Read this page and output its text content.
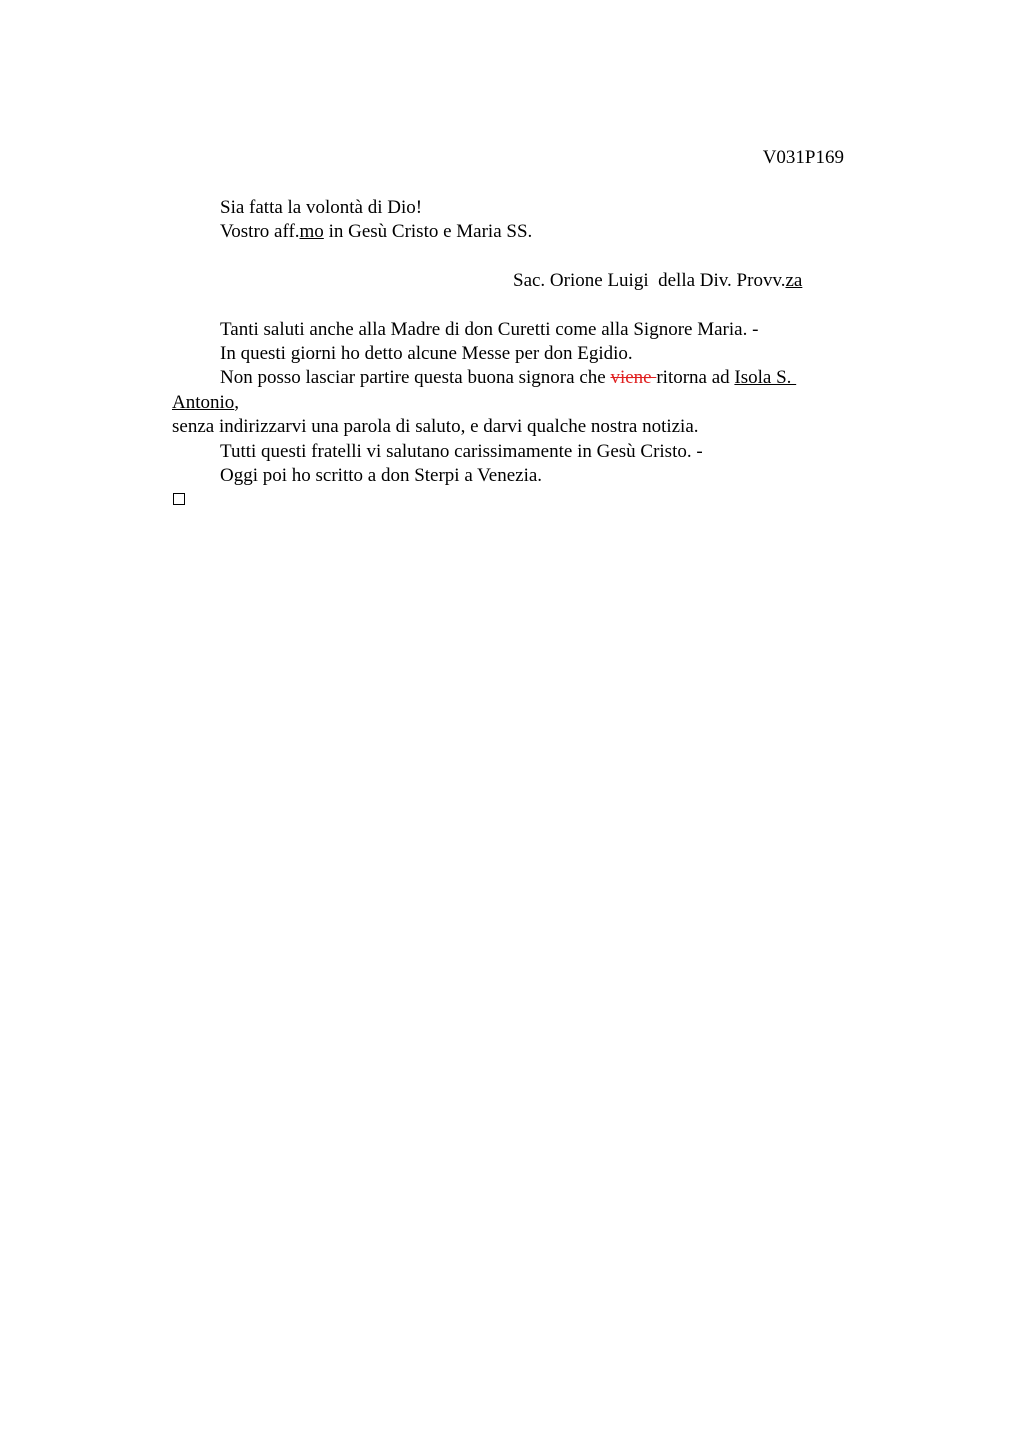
V031P169
Sia fatta la volontà di Dio!
Vostro aff.mo in Gesù Cristo e Maria SS.
Sac. Orione Luigi  della Div. Provv.za
Tanti saluti anche alla Madre di don Curetti come alla Signore Maria. -
In questi giorni ho detto alcune Messe per don Egidio.
Non posso lasciar partire questa buona signora che viene ritorna ad Isola S.
Antonio,
senza indirizzarvi una parola di saluto, e darvi qualche nostra notizia.
Tutti questi fratelli vi salutano carissimamente in Gesù Cristo. -
Oggi poi ho scritto a don Sterpi a Venezia.
